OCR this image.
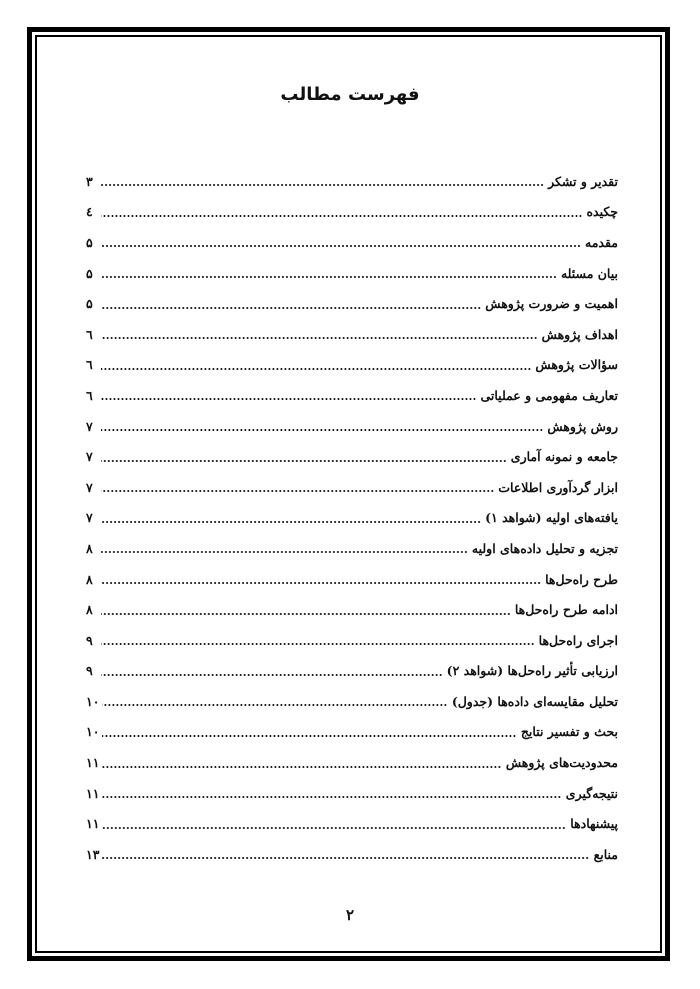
فهرست مطالب
تقدیر و تشکر
۳
چکیده
٤
مقدمه
۵
بیان مسئله
۵
اهمیت و ضرورت پژوهش
۵
اهداف پژوهش
٦
سؤالات پژوهش
٦
تعاریف مفهومی و عملیاتی
٦
روش پژوهش
۷
جامعه و نمونه آماری
۷
ابزار گردآوری اطلاعات
۷
یافته‌های اولیه (شواهد ۱)
۷
تجزیه و تحلیل داده‌های اولیه
۸
طرح راه‌حل‌ها
۸
ادامه طرح راه‌حل‌ها
۸
اجرای راه‌حل‌ها
۹
ارزیابی تأثیر راه‌حل‌ها (شواهد ۲)
۹
تحلیل مقایسه‌ای داده‌ها (جدول)
۱۰
بحث و تفسیر نتایج
۱۰
محدودیت‌های پژوهش
۱۱
نتیجه‌گیری
۱۱
پیشنهادها
۱۱
منابع
۱۳
۲
